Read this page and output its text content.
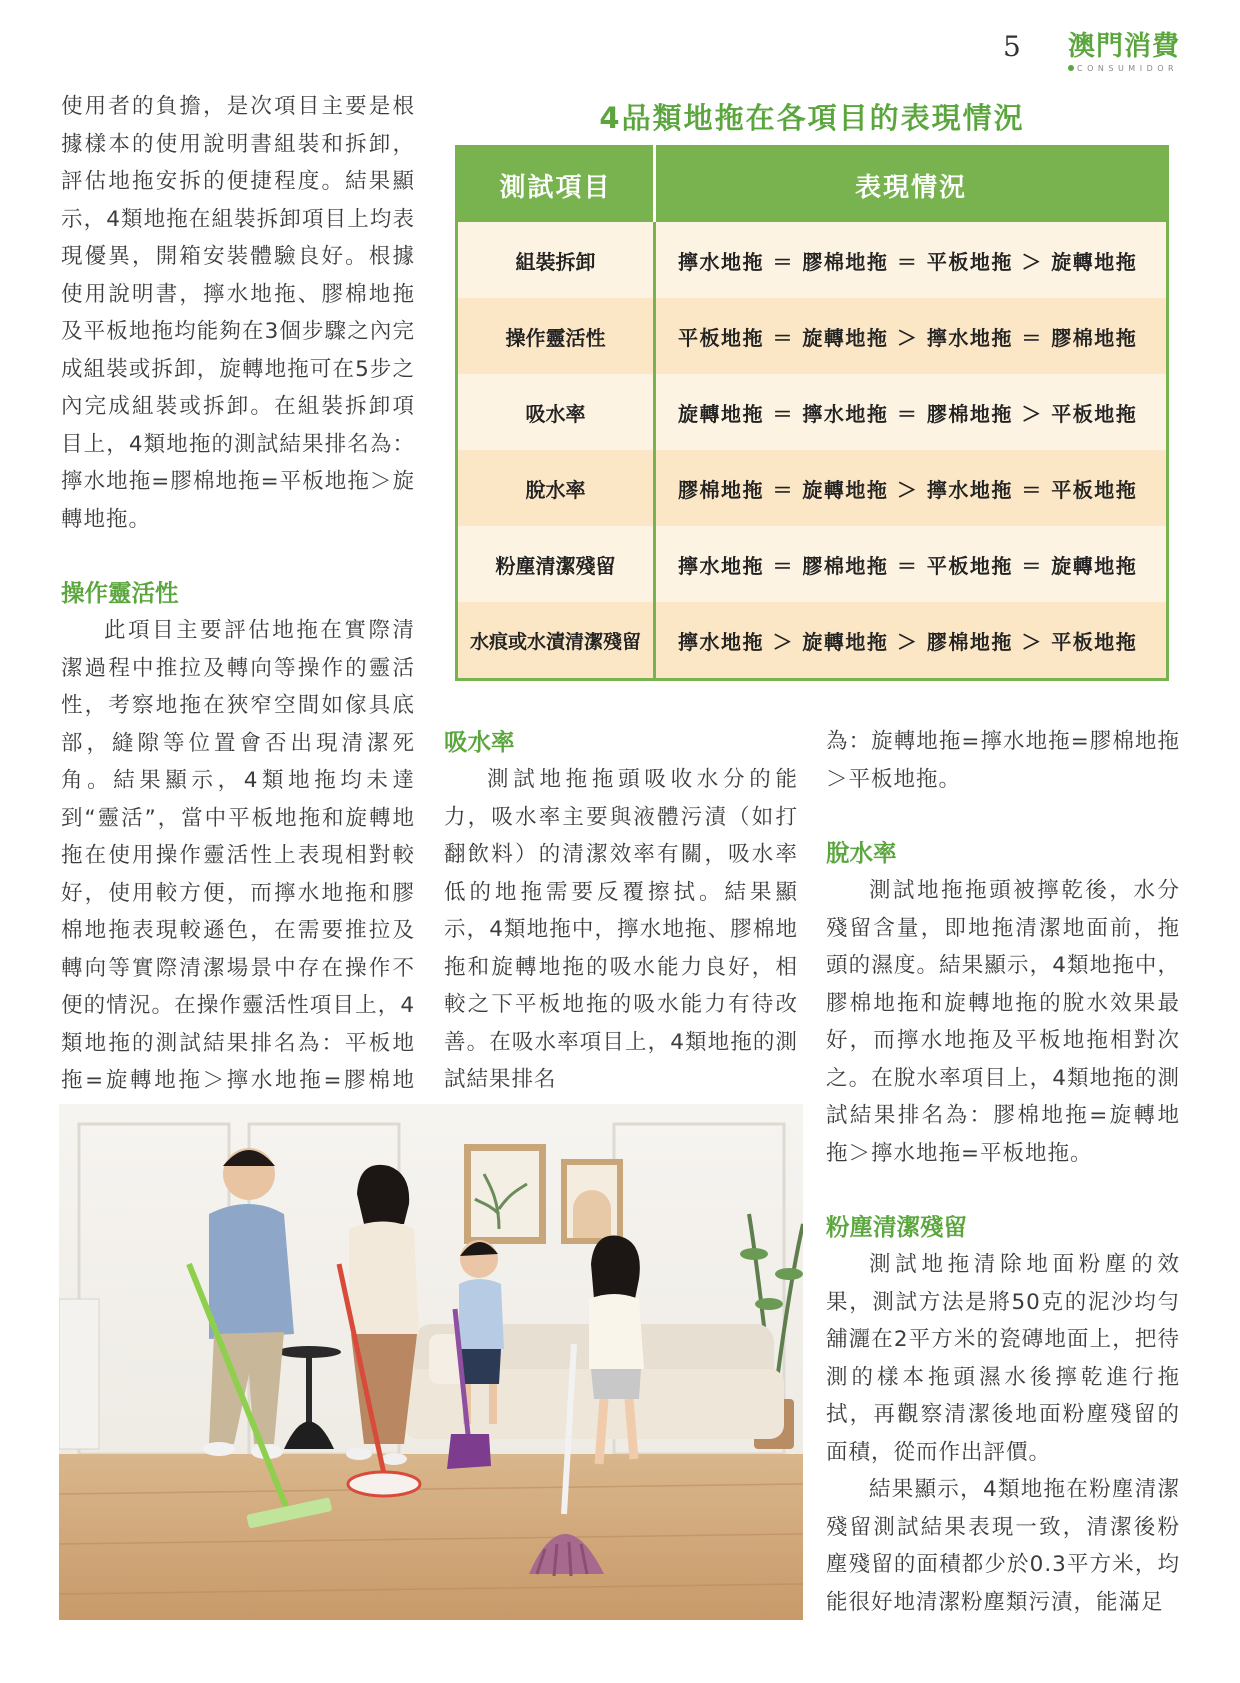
5 澳門消費
CONSUMIDOR

使用者的負擔，是次項目主要是根據樣本的使用說明書組裝和拆卸，評估地拖安拆的便捷程度。結果顯示，4類地拖在組裝拆卸項目上均表現優異，開箱安裝體驗良好。根據使用說明書，擰水地拖、膠棉地拖及平板地拖均能夠在3個步驟之內完成組裝或拆卸，旋轉地拖可在5步之內完成組裝或拆卸。在組裝拆卸項目上，4類地拖的測試結果排名為：擰水地拖=膠棉地拖=平板地拖＞旋轉地拖。

操作靈活性

此項目主要評估地拖在實際清潔過程中推拉及轉向等操作的靈活性，考察地拖在狹窄空間如傢具底部，縫隙等位置會否出現清潔死角。結果顯示，4類地拖均未達到“靈活”，當中平板地拖和旋轉地拖在使用操作靈活性上表現相對較好，使用較方便，而擰水地拖和膠棉地拖表現較遜色，在需要推拉及轉向等實際清潔場景中存在操作不便的情況。在操作靈活性項目上，4類地拖的測試結果排名為：平板地拖=旋轉地拖＞擰水地拖=膠棉地

4品類地拖在各項目的表現情況
測試項目	表現情況
組裝拆卸	擰水地拖 ＝ 膠棉地拖 ＝ 平板地拖 ＞ 旋轉地拖
操作靈活性	平板地拖 ＝ 旋轉地拖 ＞ 擰水地拖 ＝ 膠棉地拖
吸水率	旋轉地拖 ＝ 擰水地拖 ＝ 膠棉地拖 ＞ 平板地拖
脫水率	膠棉地拖 ＝ 旋轉地拖 ＞ 擰水地拖 ＝ 平板地拖
粉塵清潔殘留	擰水地拖 ＝ 膠棉地拖 ＝ 平板地拖 ＝ 旋轉地拖
水痕或水漬清潔殘留	擰水地拖 ＞ 旋轉地拖 ＞ 膠棉地拖 ＞ 平板地拖

吸水率

測試地拖拖頭吸收水分的能力，吸水率主要與液體污漬（如打翻飲料）的清潔效率有關，吸水率低的地拖需要反覆擦拭。結果顯示，4類地拖中，擰水地拖、膠棉地拖和旋轉地拖的吸水能力良好，相較之下平板地拖的吸水能力有待改善。在吸水率項目上，4類地拖的測試結果排名

為：旋轉地拖=擰水地拖=膠棉地拖＞平板地拖。

脫水率

測試地拖拖頭被擰乾後，水分殘留含量，即地拖清潔地面前，拖頭的濕度。結果顯示，4類地拖中，膠棉地拖和旋轉地拖的脫水效果最好，而擰水地拖及平板地拖相對次之。在脫水率項目上，4類地拖的測試結果排名為：膠棉地拖=旋轉地拖＞擰水地拖=平板地拖。

粉塵清潔殘留

測試地拖清除地面粉塵的效果，測試方法是將50克的泥沙均勻舖灑在2平方米的瓷磚地面上，把待測的樣本拖頭濕水後擰乾進行拖拭，再觀察清潔後地面粉塵殘留的面積，從而作出評價。

結果顯示，4類地拖在粉塵清潔殘留測試結果表現一致，清潔後粉塵殘留的面積都少於0.3平方米，均能很好地清潔粉塵類污漬，能滿足
